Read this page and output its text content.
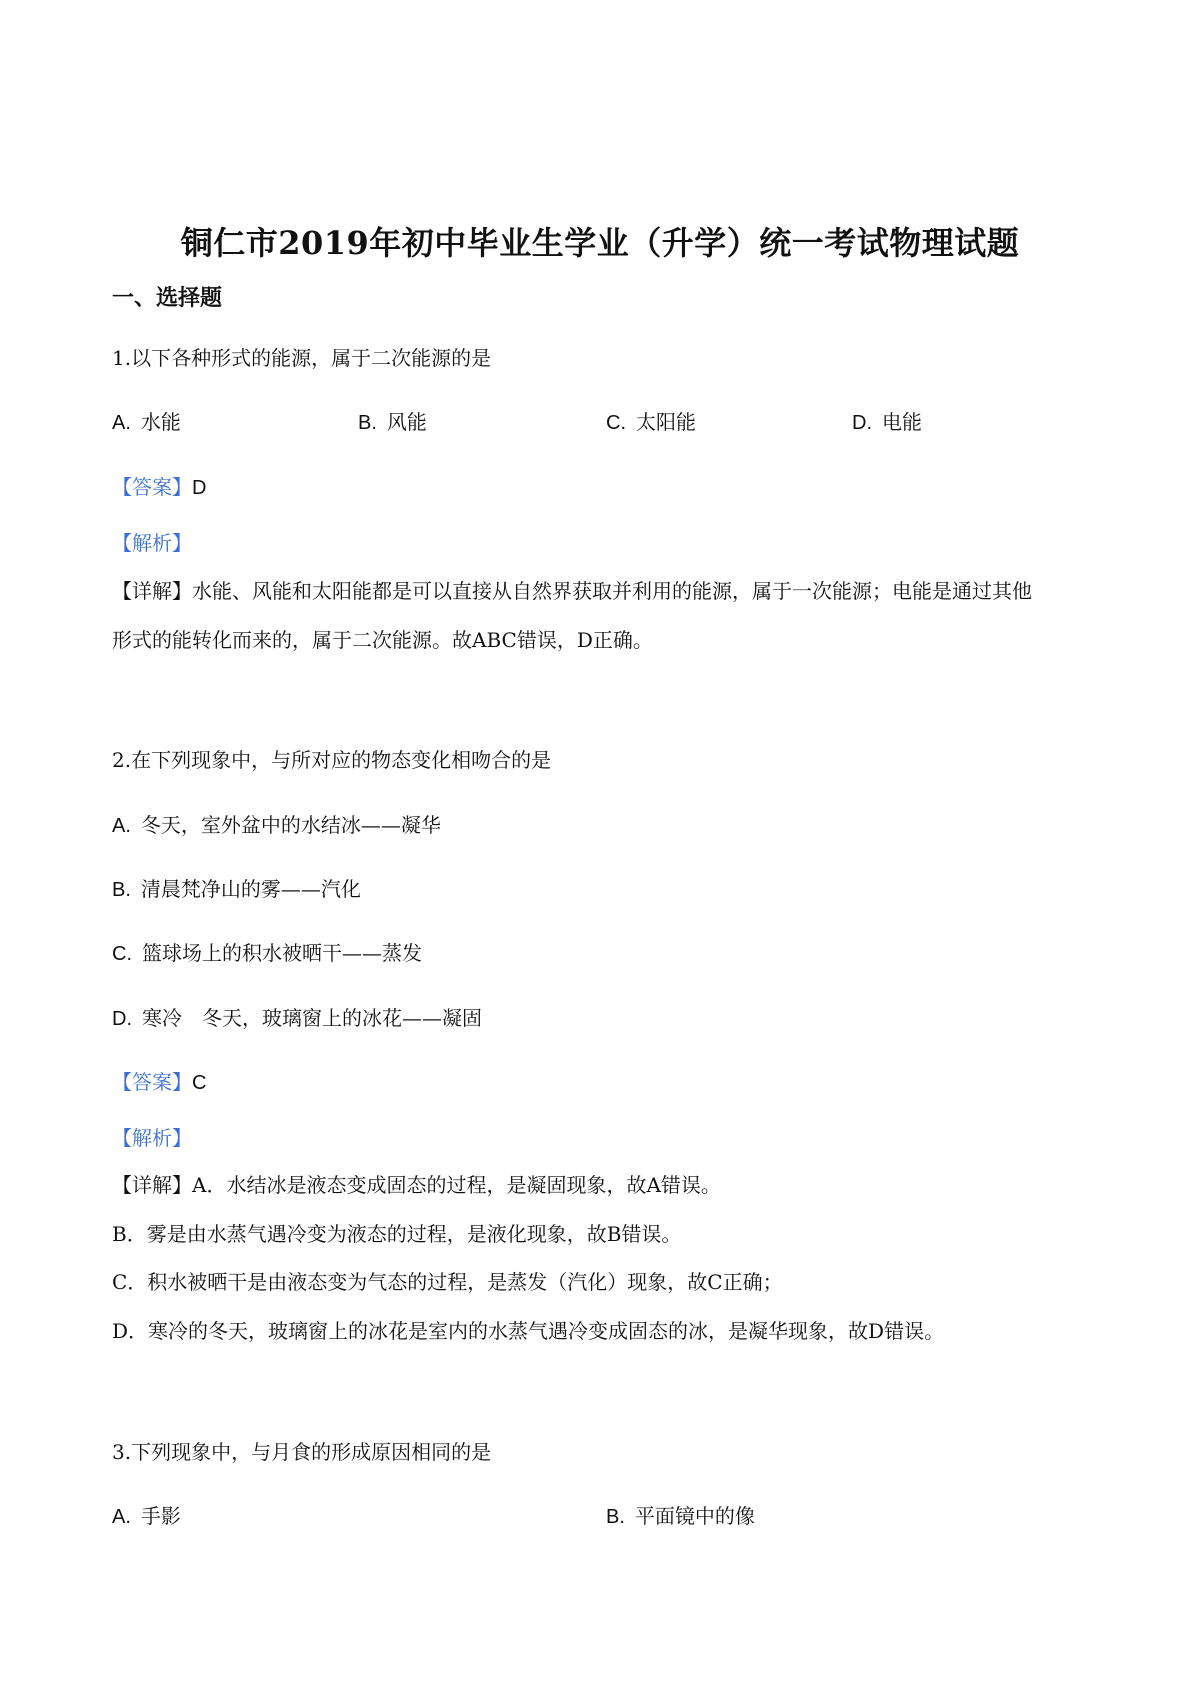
铜仁市2019年初中毕业生学业（升学）统一考试物理试题
一、选择题
1.以下各种形式的能源，属于二次能源的是
A. 水能	B. 风能	C. 太阳能	D. 电能
【答案】D
【解析】
【详解】水能、风能和太阳能都是可以直接从自然界获取并利用的能源，属于一次能源；电能是通过其他
形式的能转化而来的，属于二次能源。故ABC错误，D正确。
2.在下列现象中，与所对应的物态变化相吻合的是
A. 冬天，室外盆中的水结冰——凝华
B. 清晨梵净山的雾——汽化
C. 篮球场上的积水被晒干——蒸发
D. 寒冷　冬天，玻璃窗上的冰花——凝固
【答案】C
【解析】
【详解】A．水结冰是液态变成固态的过程，是凝固现象，故A错误。
B．雾是由水蒸气遇冷变为液态的过程，是液化现象，故B错误。
C．积水被晒干是由液态变为气态的过程，是蒸发（汽化）现象，故C正确；
D．寒冷的冬天，玻璃窗上的冰花是室内的水蒸气遇冷变成固态的冰，是凝华现象，故D错误。
3.下列现象中，与月食的形成原因相同的是
A. 手影	B. 平面镜中的像
